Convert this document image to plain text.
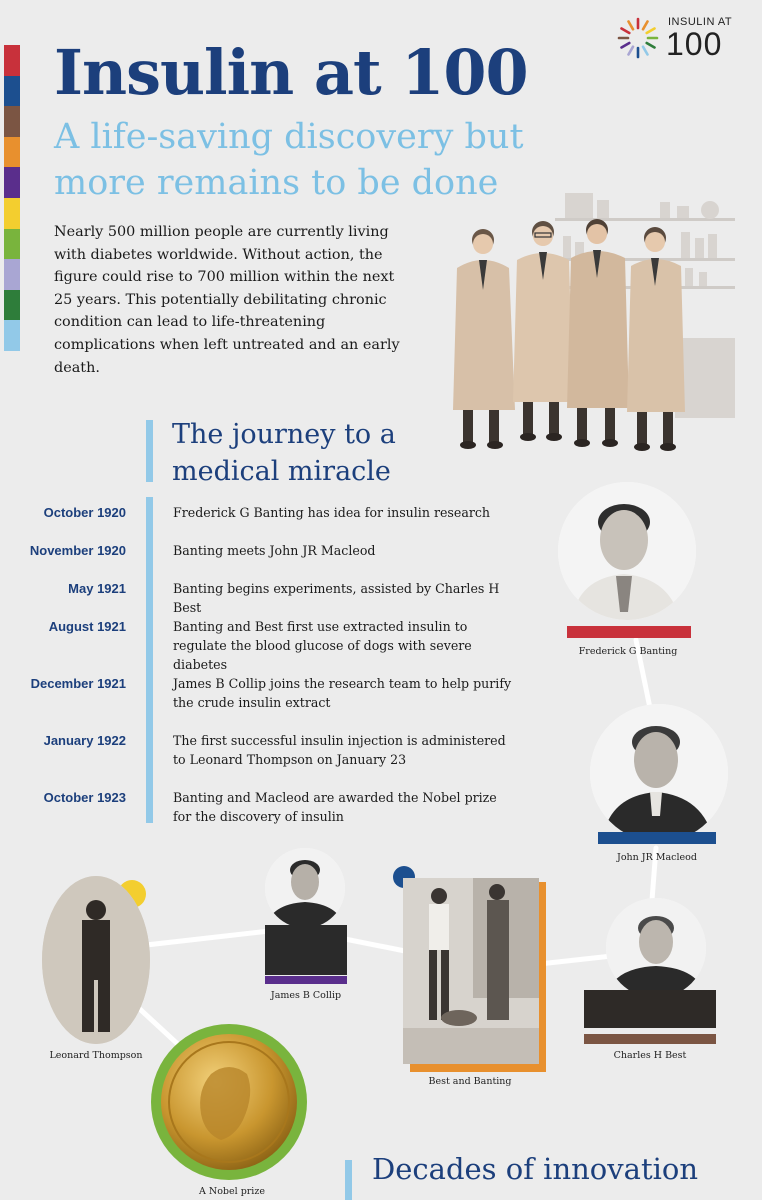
INSULIN AT
100
Insulin at 100
A life-saving discovery but more remains to be done

Nearly 500 million people are currently living with diabetes worldwide. Without action, the figure could rise to 700 million within the next 25 years. This potentially debilitating chronic condition can lead to life-threatening complications when left untreated and an early death.

The journey to a medical miracle
October 1920	Frederick G Banting has idea for insulin research
November 1920	Banting meets John JR Macleod
May 1921	Banting begins experiments, assisted by Charles H Best
August 1921	Banting and Best first use extracted insulin to regulate the blood glucose of dogs with severe diabetes
December 1921	James B Collip joins the research team to help purify the crude insulin extract
January 1922	The first successful insulin injection is administered to Leonard Thompson on January 23
October 1923	Banting and Macleod are awarded the Nobel prize for the discovery of insulin
Frederick G Banting
John JR Macleod
Charles H Best
James B Collip
Leonard Thompson
Best and Banting
A Nobel prize
Decades of innovation
